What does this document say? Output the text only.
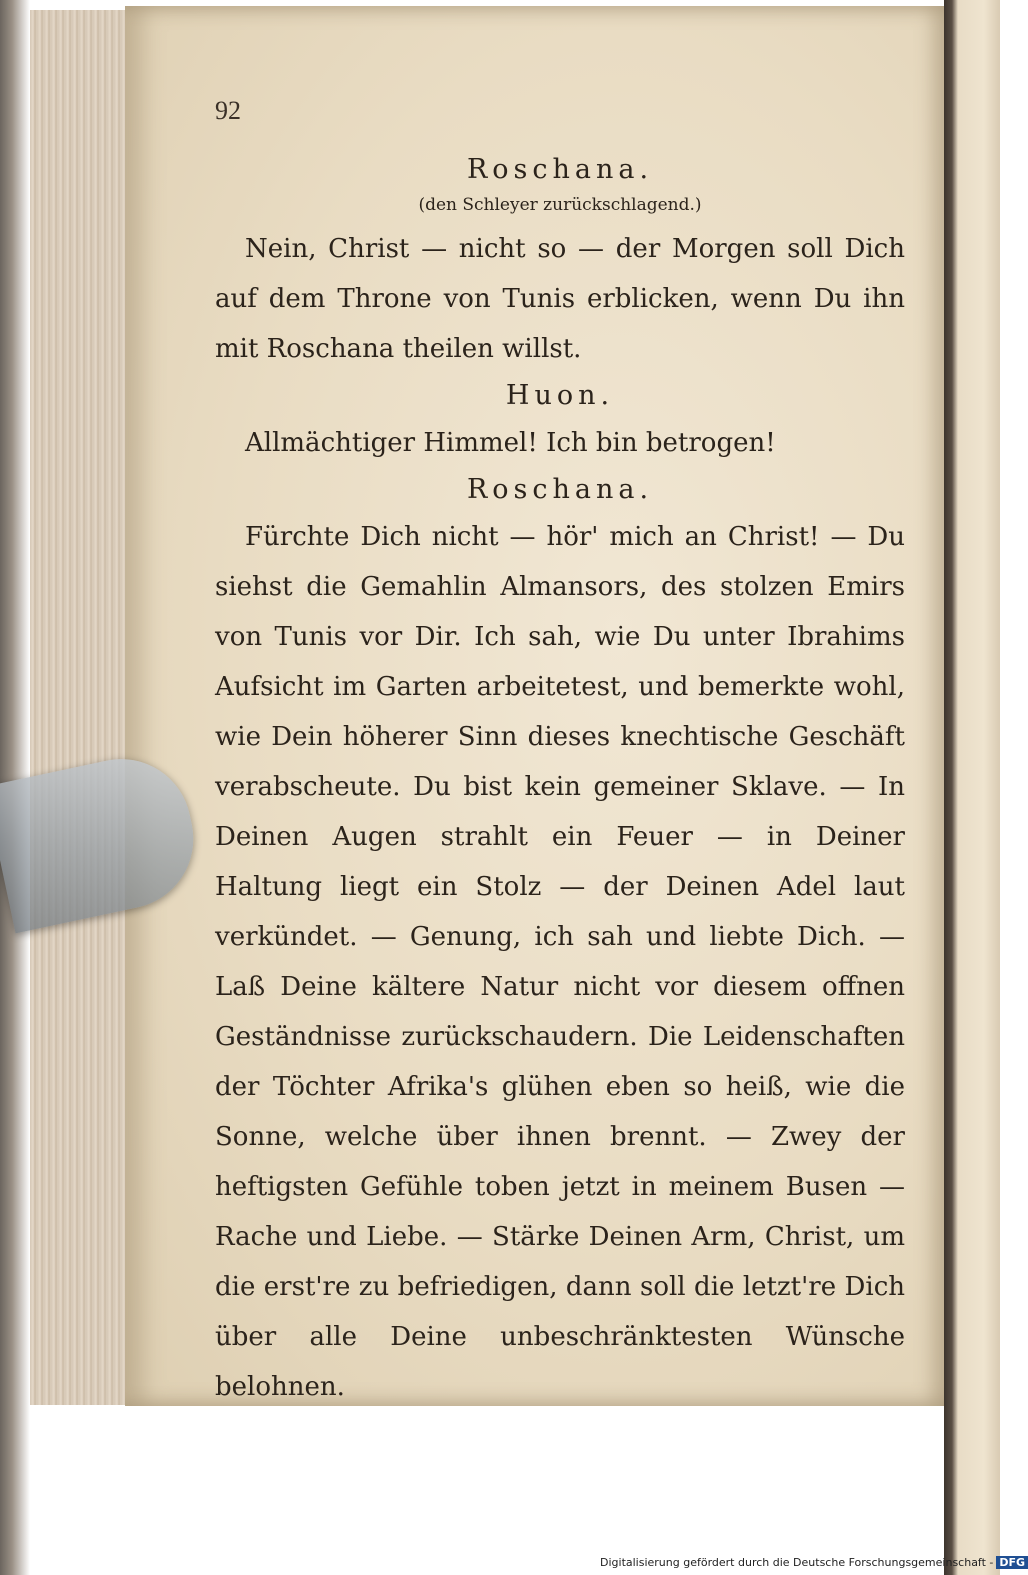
92

Roschana.

(den Schleyer zurückschlagend.)

Nein, Christ — nicht so — der Morgen soll Dich auf dem Throne von Tunis erblicken, wenn Du ihn mit Roschana theilen willst.

Huon.

Allmächtiger Himmel! Ich bin betrogen!

Roschana.

Fürchte Dich nicht — hör' mich an Christ! — Du siehst die Gemahlin Almansors, des stolzen Emirs von Tunis vor Dir. Ich sah, wie Du unter Ibrahims Aufsicht im Garten arbeitetest, und bemerkte wohl, wie Dein höherer Sinn dieses knechtische Geschäft verabscheute. Du bist kein gemeiner Sklave. — In Deinen Augen strahlt ein Feuer — in Deiner Haltung liegt ein Stolz — der Deinen Adel laut verkündet. — Genung, ich sah und liebte Dich. — Laß Deine kältere Natur nicht vor diesem offnen Geständnisse zurückschaudern. Die Leidenschaften der Töchter Afrika's glühen eben so heiß, wie die Sonne, welche über ihnen brennt. — Zwey der heftigsten Gefühle toben jetzt in meinem Busen — Rache und Liebe. — Stärke Deinen Arm, Christ, um die erst're zu befriedigen, dann soll die letzt're Dich über alle Deine unbeschränktesten Wünsche belohnen.

Digitalisierung gefördert durch die Deutsche Forschungsgemeinschaft - DFG
